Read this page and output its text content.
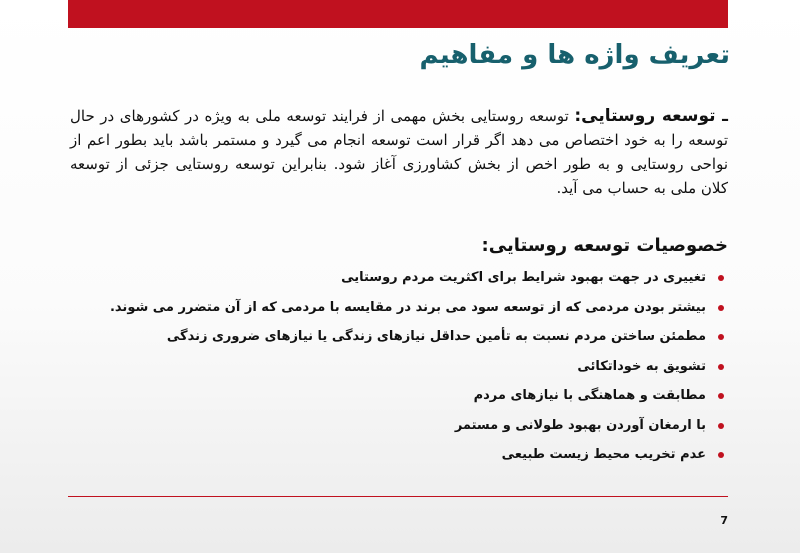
تعریف واژه ها و مفاهیم

ـ توسعه روستایی: توسعه روستایی بخش مهمی از فرایند توسعه ملی به ویژه در کشورهای در حال توسعه را به خود اختصاص می دهد اگر قرار است توسعه انجام می گیرد و مستمر باشد باید بطور اعم از نواحی روستایی و به طور اخص از بخش کشاورزی آغاز شود. بنابراین توسعه روستایی جزئی از توسعه کلان ملی به حساب می آید.

خصوصیات توسعه روستایی:
تغییری در جهت بهبود شرایط برای اکثریت مردم روستایی
بیشتر بودن مردمی که از توسعه سود می برند در مقایسه با مردمی که از آن متضرر می شوند.
مطمئن ساختن مردم نسبت به تأمین حداقل نیازهای زندگی یا نیازهای ضروری زندگی
تشویق به خوداتکائی
مطابقت و هماهنگی با نیازهای مردم
با ارمغان آوردن بهبود طولانی و مستمر
عدم تخریب محیط زیست طبیعی
7
